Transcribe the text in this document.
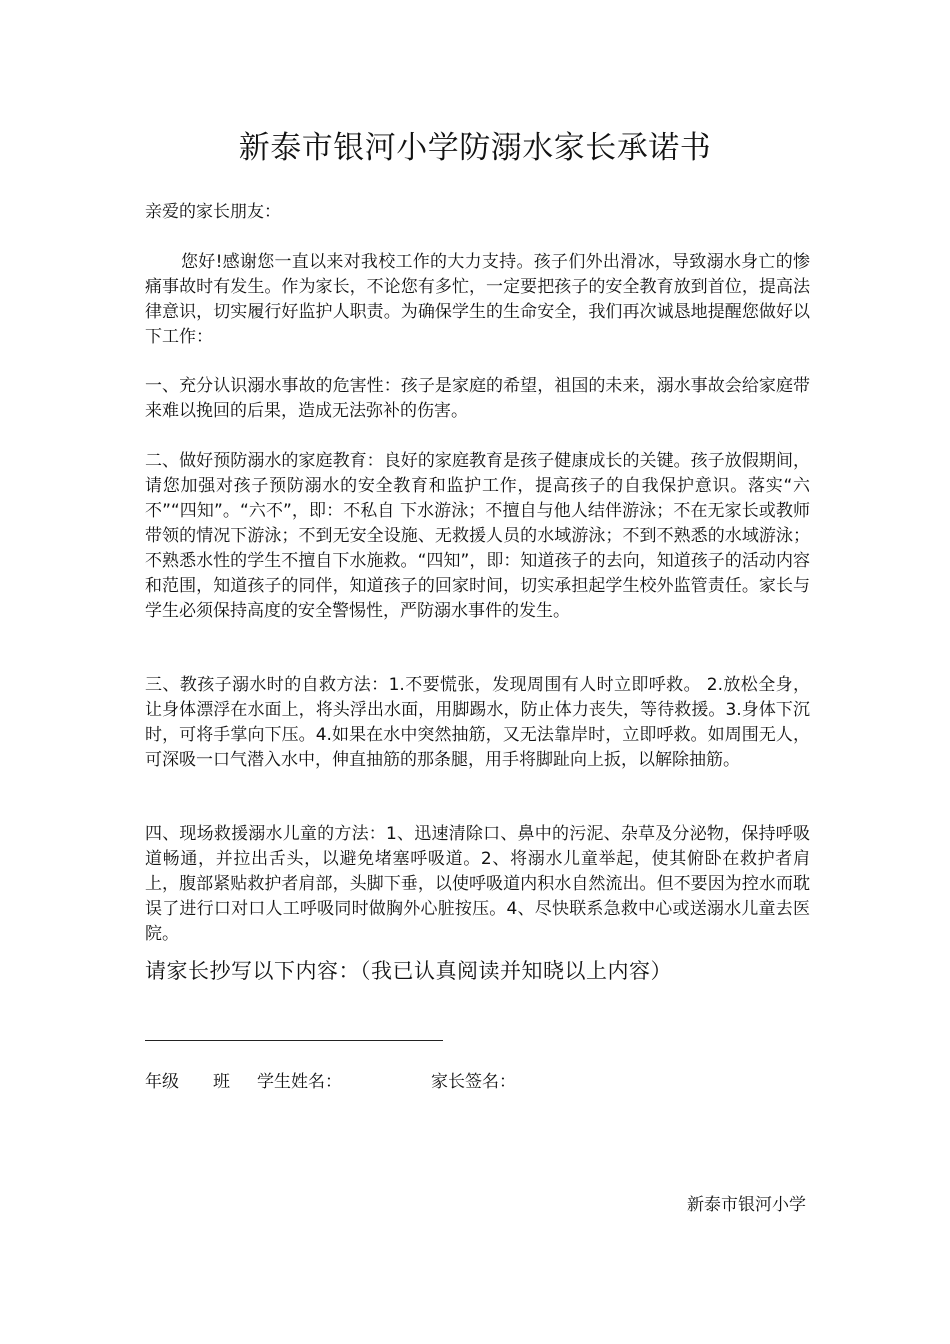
新泰市银河小学防溺水家长承诺书
亲爱的家长朋友：

您好!感谢您一直以来对我校工作的大力支持。孩子们外出滑冰，导致溺水身亡的惨痛事故时有发生。作为家长，不论您有多忙，一定要把孩子的安全教育放到首位，提高法律意识，切实履行好监护人职责。为确保学生的生命安全，我们再次诚恳地提醒您做好以下工作：

一、充分认识溺水事故的危害性：孩子是家庭的希望，祖国的未来，溺水事故会给家庭带来难以挽回的后果，造成无法弥补的伤害。

二、做好预防溺水的家庭教育：良好的家庭教育是孩子健康成长的关键。孩子放假期间，请您加强对孩子预防溺水的安全教育和监护工作，提高孩子的自我保护意识。落实“六不”“四知”。“六不”，即：不私自 下水游泳；不擅自与他人结伴游泳；不在无家长或教师带领的情况下游泳；不到无安全设施、无救援人员的水域游泳；不到不熟悉的水域游泳；不熟悉水性的学生不擅自下水施救。“四知”，即：知道孩子的去向，知道孩子的活动内容和范围，知道孩子的同伴，知道孩子的回家时间，切实承担起学生校外监管责任。家长与学生必须保持高度的安全警惕性，严防溺水事件的发生。

三、教孩子溺水时的自救方法：1.不要慌张，发现周围有人时立即呼救。 2.放松全身，让身体漂浮在水面上，将头浮出水面，用脚踢水，防止体力丧失，等待救援。3.身体下沉时，可将手掌向下压。4.如果在水中突然抽筋，又无法靠岸时，立即呼救。如周围无人，可深吸一口气潜入水中，伸直抽筋的那条腿，用手将脚趾向上扳，以解除抽筋。

四、现场救援溺水儿童的方法：1、迅速清除口、鼻中的污泥、杂草及分泌物，保持呼吸道畅通，并拉出舌头，以避免堵塞呼吸道。2、将溺水儿童举起，使其俯卧在救护者肩上，腹部紧贴救护者肩部，头脚下垂，以使呼吸道内积水自然流出。但不要因为控水而耽误了进行口对口人工呼吸同时做胸外心脏按压。4、尽快联系急救中心或送溺水儿童去医院。

请家长抄写以下内容：（我已认真阅读并知晓以上内容）
年级 班 学生姓名：	家长签名：
新泰市银河小学
